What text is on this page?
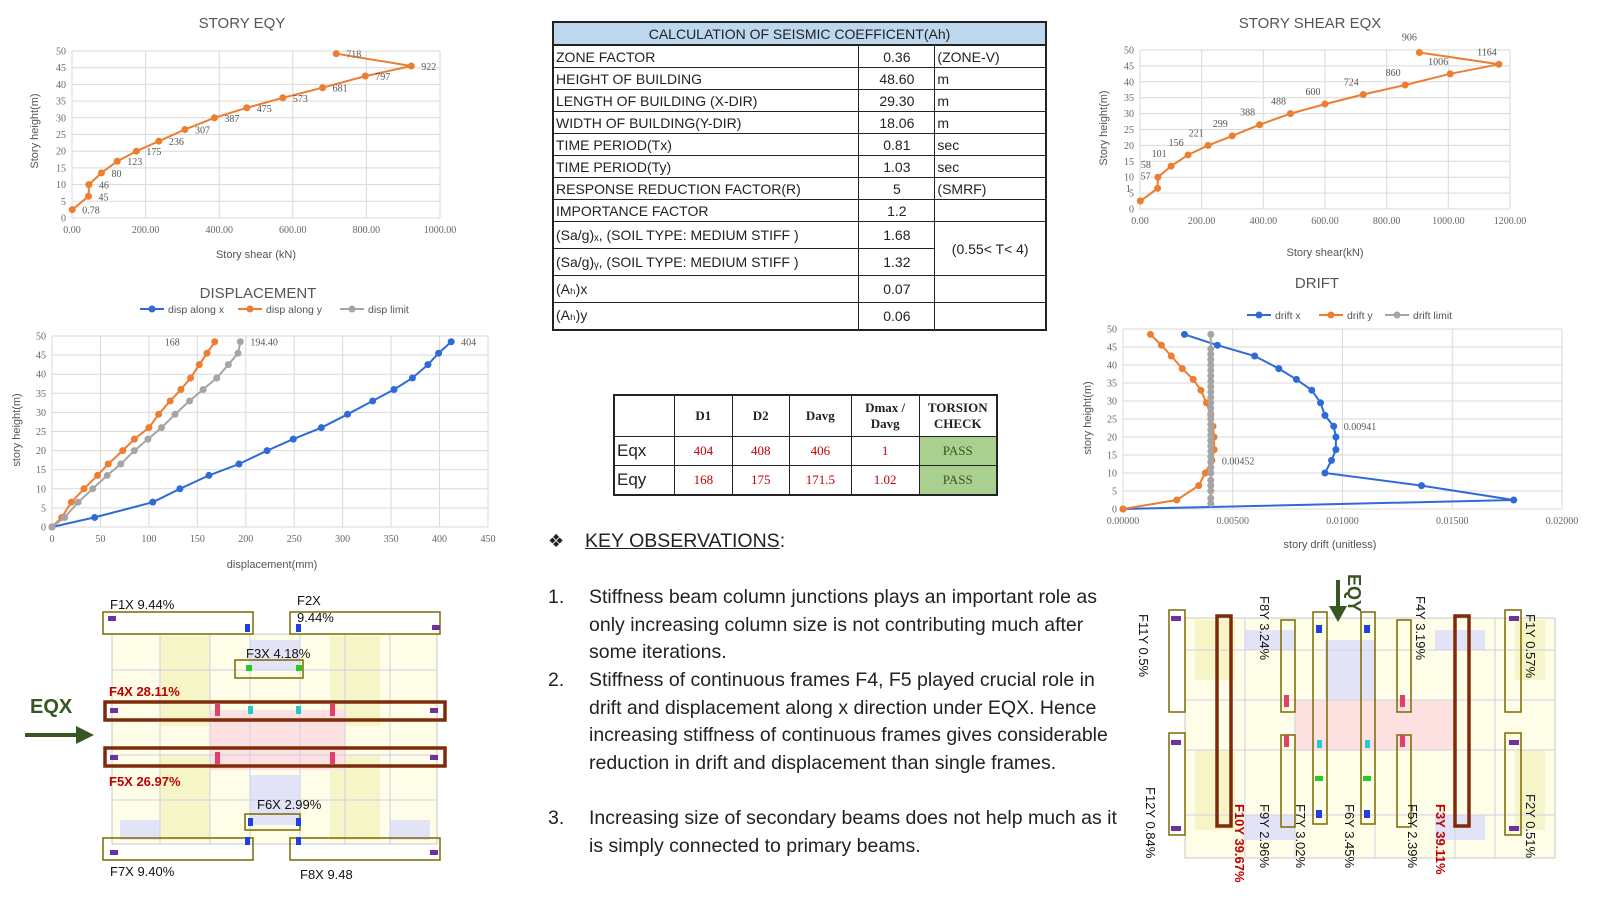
STORY EQY
0
5
10
15
20
25
30
35
40
45
50
0.00	200.00	400.00	600.00	800.00	1000.00
0.78
45
46
80
123
175
236
307
387
475
573
681
797
922
718
Story shear (kN)
Story height(m)
STORY SHEAR EQX
0
5
10
15
20
25
30
35
40
45
50
0.00	200.00	400.00	600.00	800.00	1000.00	1200.00
1
57
58
101
156
221
299
388
488
600
724
860
1006
1164
906
Story shear(kN)
Story height(m)
DISPLACEMENT
disp along x	disp along y	disp limit
0
5
10
15
20
25
30
35
40
45
50
0	50	100	150	200	250	300	350	400	450
404
168	194.40
displacement(mm)
story height(m)
DRIFT
drift x	drift y	drift limit
0
5
10
15
20
25
30
35
40
45
50
0.00000	0.00500	0.01000	0.01500	0.02000
0.00941
0.00452
story drift (unitless)
story height(m)
CALCULATION OF SEISMIC COEFFICENT(Ah)		
ZONE FACTOR	0.36	(ZONE-V)
HEIGHT OF BUILDING	48.60	m
LENGTH OF BUILDING (X-DIR)	29.30	m
WIDTH OF BUILDING(Y-DIR)	18.06	m
TIME PERIOD(Tx)	0.81	sec
TIME PERIOD(Ty)	1.03	sec
RESPONSE REDUCTION FACTOR(R)	5	(SMRF)
IMPORTANCE FACTOR	1.2	
(Sa/g)ₓ, (SOIL TYPE: MEDIUM STIFF )	1.68	(0.55< T< 4)
(Sa/g)ᵧ, (SOIL TYPE: MEDIUM STIFF )	1.32	
(Aₕ)x	0.07	
(Aₕ)y	0.06	
	D1	D2	Davg	Dmax / Davg	TORSION CHECK
Eqx	404	408	406	1	PASS
Eqy	168	175	171.5	1.02	PASS
❖ KEY OBSERVATIONS:
1. Stiffness beam column junctions plays an important role as only increasing column size is not contributing much after some iterations.
2. Stiffness of continuous frames F4, F5 played crucial role in drift and displacement along x direction under EQX. Hence increasing stiffness of continuous frames gives considerable reduction in drift and displacement than single frames.
3. Increasing size of secondary beams does not help much as it is simply connected to primary beams.
EQX
F1X 9.44%	F2X
9.44%
F3X 4.18%
F4X 28.11%
F5X 26.97%
F6X 2.99%
F7X 9.40%	F8X 9.48
EQY
F11Y 0.5%	F8Y 3.24%	F4Y 3.19%	F1Y 0.57%
F12Y 0.84%	F10Y 39.67% F9Y 2.96% F7Y 3.02%	F6Y 3.45%	F5Y 2.39% F3Y 39.11%	F2Y 0.51%
